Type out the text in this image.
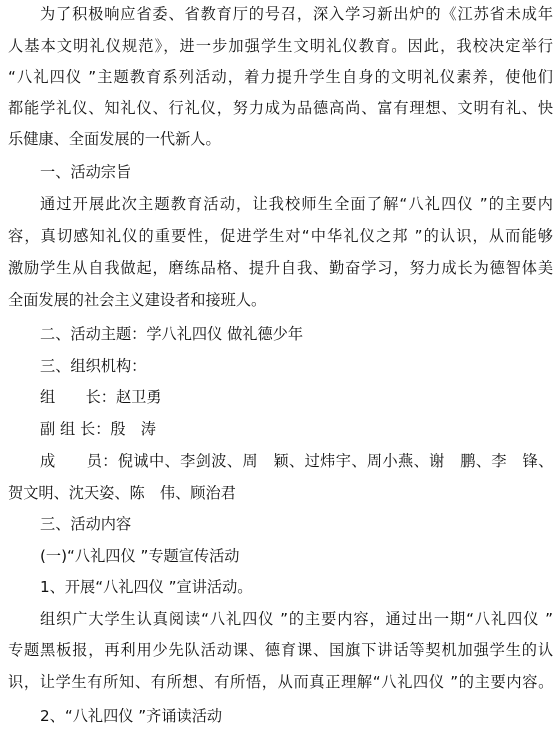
为了积极响应省委、省教育厅的号召，深入学习新出炉的《江苏省未成年
人基本文明礼仪规范》，进一步加强学生文明礼仪教育。因此，我校决定举行
“八礼四仪 ”主题教育系列活动，着力提升学生自身的文明礼仪素养，使他们
都能学礼仪、知礼仪、行礼仪，努力成为品德高尚、富有理想、文明有礼、快
乐健康、全面发展的一代新人。
一、活动宗旨
通过开展此次主题教育活动，让我校师生全面了解“八礼四仪 ”的主要内
容，真切感知礼仪的重要性，促进学生对“中华礼仪之邦 ”的认识，从而能够
激励学生从自我做起，磨练品格、提升自我、勤奋学习，努力成长为德智体美
全面发展的社会主义建设者和接班人。
二、活动主题：学八礼四仪 做礼德少年
三、组织机构：
组　　长：赵卫勇
副 组 长：殷　涛
成　　员：倪诚中、李剑波、周　颖、过炜宇、周小燕、谢　鹏、李　锋、
贺文明、沈天姿、陈　伟、顾治君
三、活动内容
(一)“八礼四仪 ”专题宣传活动
1、开展“八礼四仪 ”宣讲活动。
组织广大学生认真阅读“八礼四仪 ”的主要内容，通过出一期“八礼四仪 ”
专题黑板报，再利用少先队活动课、德育课、国旗下讲话等契机加强学生的认
识，让学生有所知、有所想、有所悟，从而真正理解“八礼四仪 ”的主要内容。
2、“八礼四仪 ”齐诵读活动
